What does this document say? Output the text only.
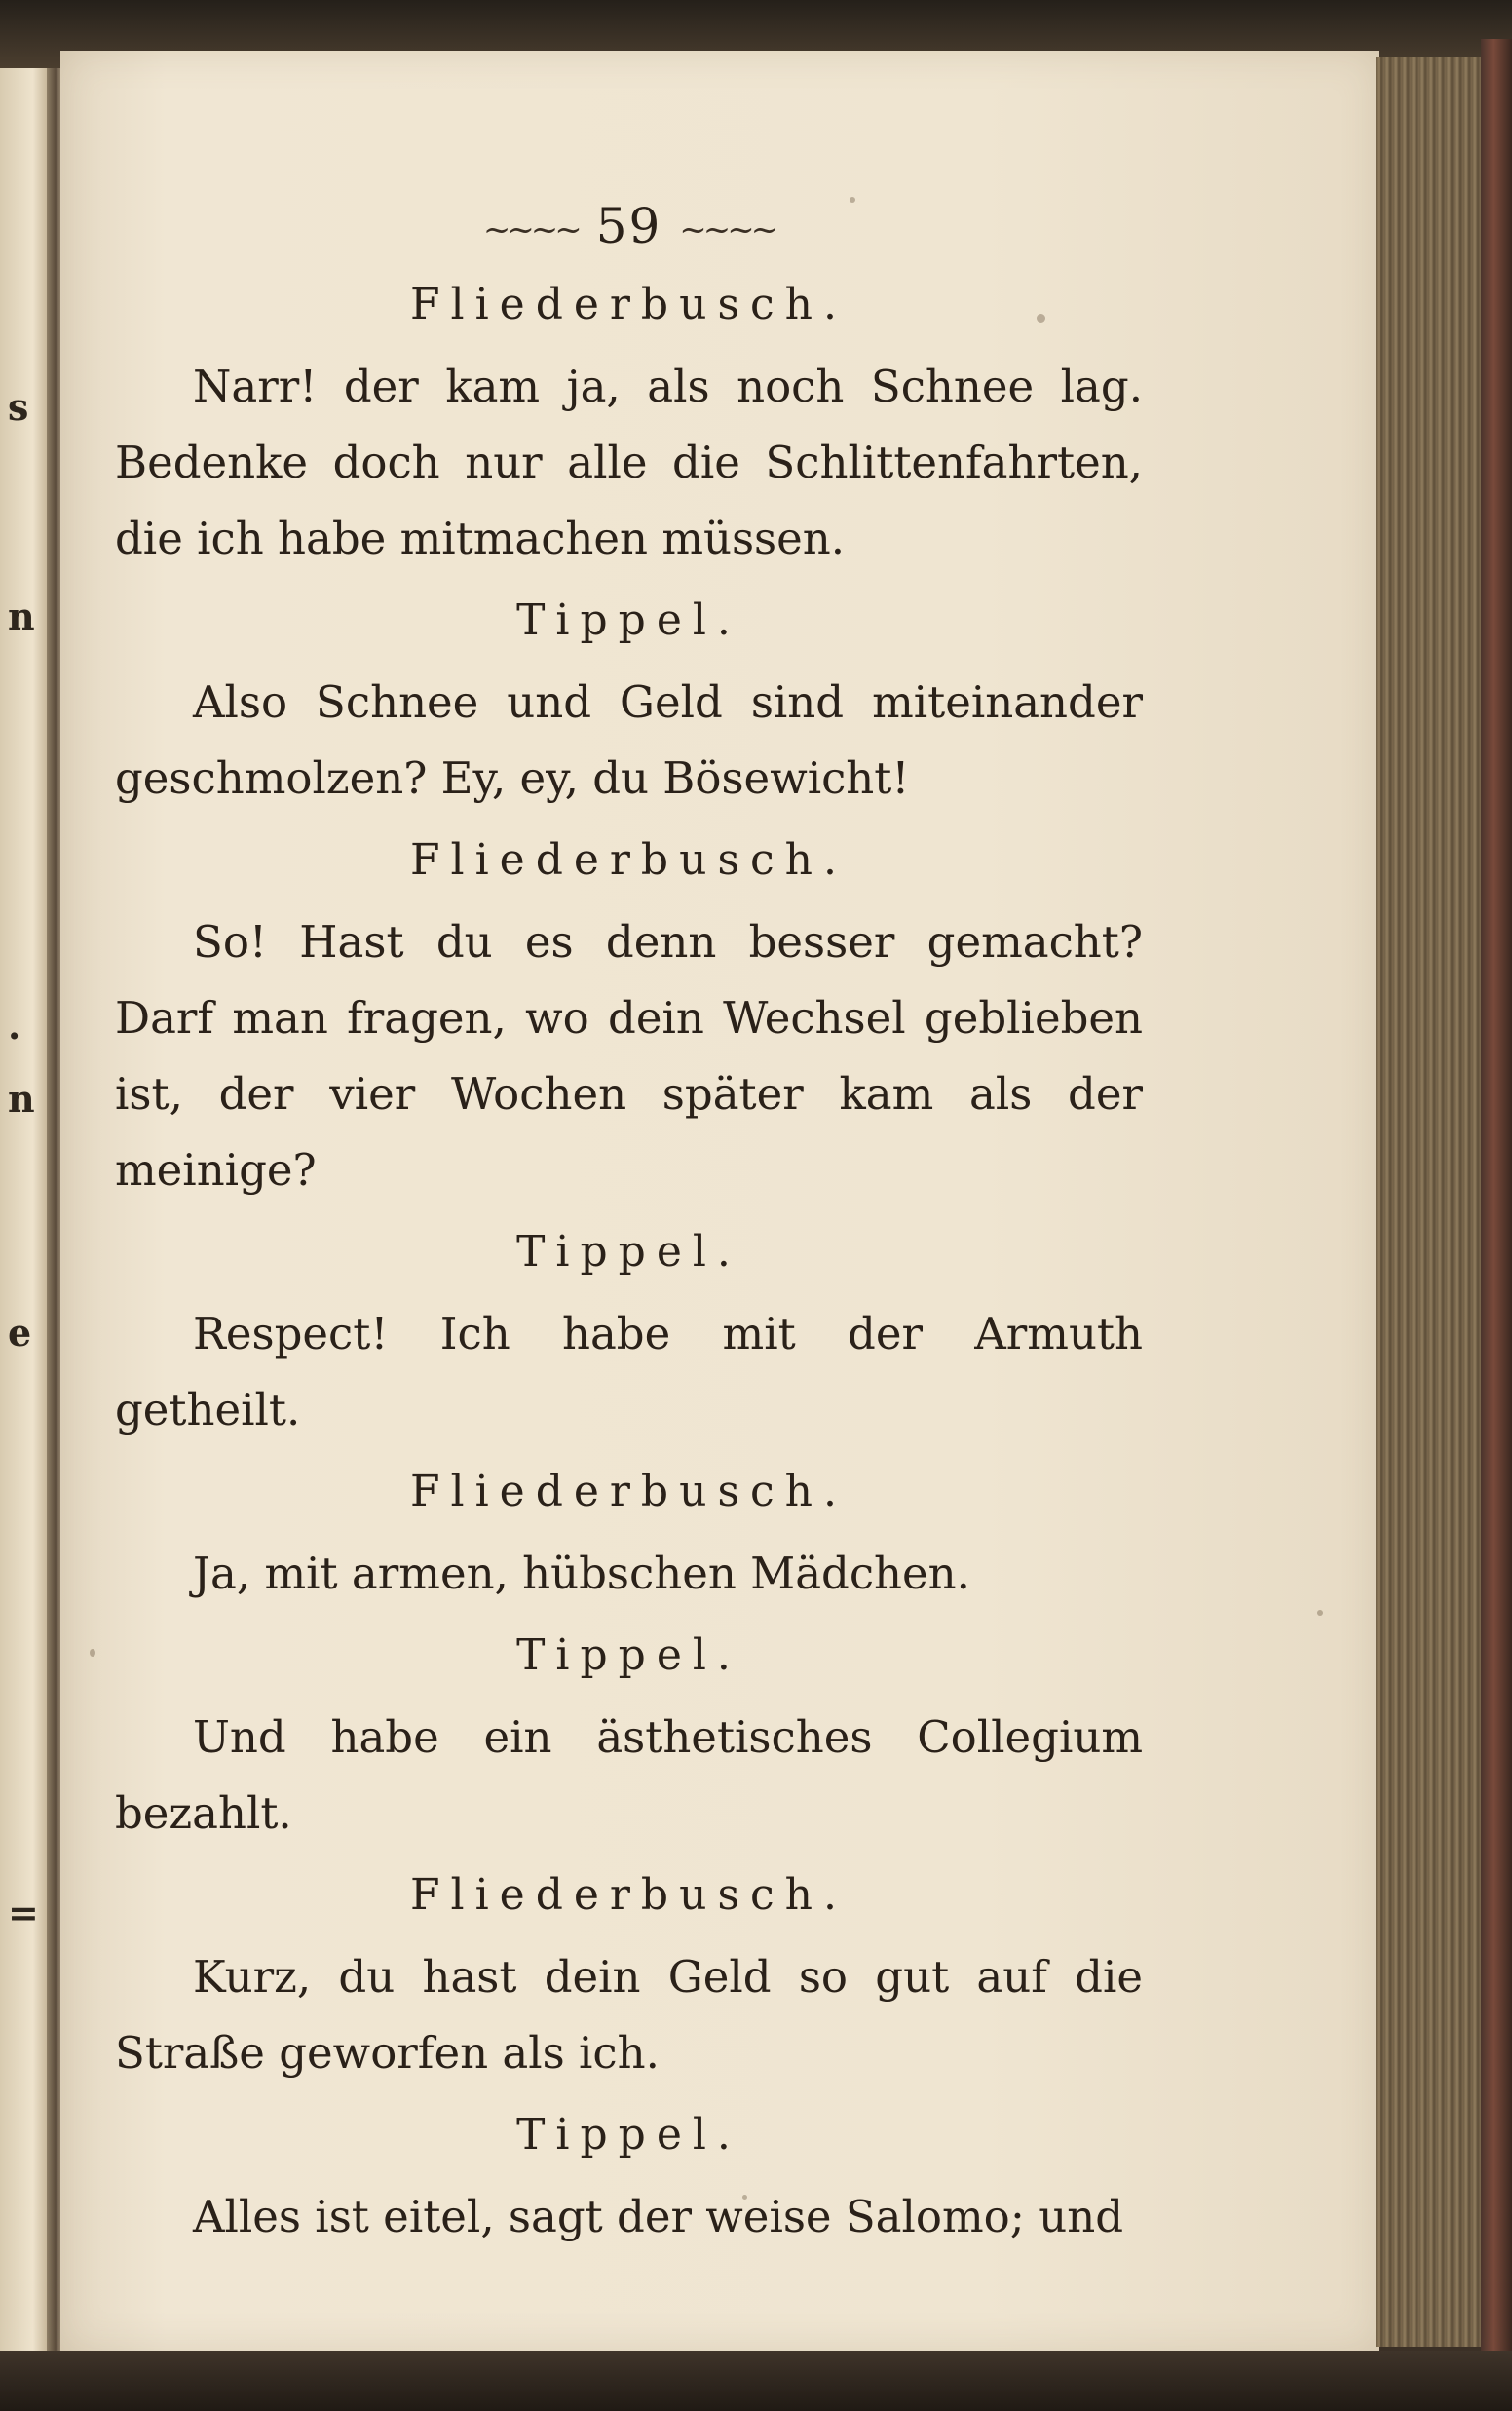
s
n
.
n
e
=
~~~~ 59 ~~~~
Fliederbusch.
Narr! der kam ja, als noch Schnee lag. Bedenke doch nur alle die Schlittenfahrten, die ich habe mitmachen müssen.
Tippel.
Also Schnee und Geld sind miteinander geschmolzen? Ey, ey, du Bösewicht!
Fliederbusch.
So! Hast du es denn besser gemacht? Darf man fragen, wo dein Wechsel geblieben ist, der vier Wochen später kam als der meinige?
Tippel.
Respect! Ich habe mit der Armuth getheilt.
Fliederbusch.
Ja, mit armen, hübschen Mädchen.
Tippel.
Und habe ein ästhetisches Collegium bezahlt.
Fliederbusch.
Kurz, du hast dein Geld so gut auf die Straße geworfen als ich.
Tippel.
Alles ist eitel, sagt der weise Salomo; und
